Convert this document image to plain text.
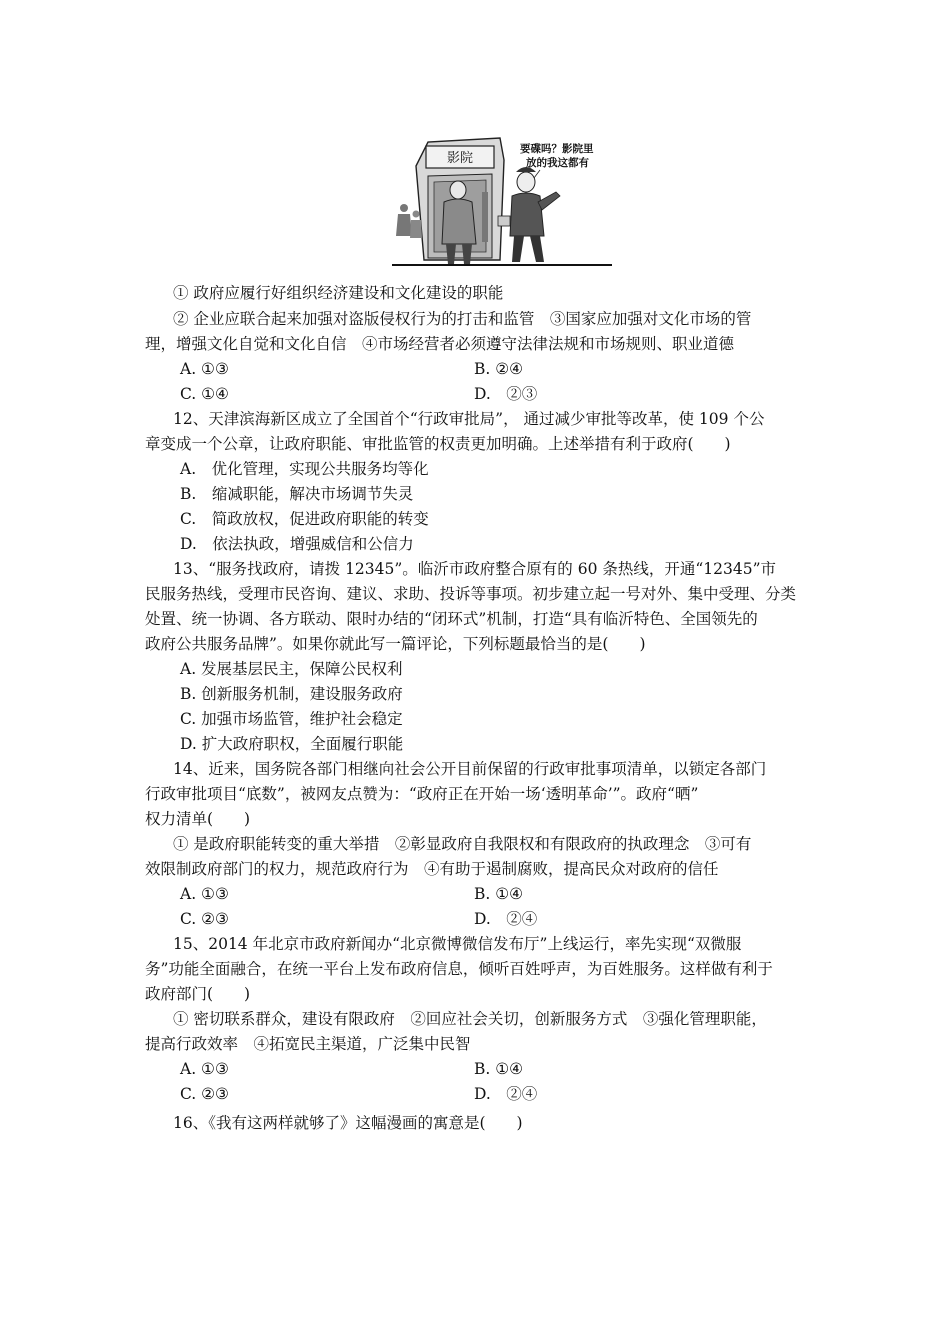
影院
要碟吗？影院里
放的我这都有
① 政府应履行好组织经济建设和文化建设的职能
② 企业应联合起来加强对盗版侵权行为的打击和监管　③国家应加强对文化市场的管
理，增强文化自觉和文化自信　④市场经营者必须遵守法律法规和市场规则、职业道德
A. ①③	B. ②④
C. ①④	D.　②③
12、天津滨海新区成立了全国首个“行政审批局”， 通过减少审批等改革，使 109 个公
章变成一个公章，让政府职能、审批监管的权责更加明确。上述举措有利于政府(　　)
A.　优化管理，实现公共服务均等化
B.　缩减职能，解决市场调节失灵
C.　简政放权，促进政府职能的转变
D.　依法执政，增强威信和公信力
13、“服务找政府，请拨 12345”。临沂市政府整合原有的 60 条热线，开通“12345”市
民服务热线，受理市民咨询、建议、求助、投诉等事项。初步建立起一号对外、集中受理、分类
处置、统一协调、各方联动、限时办结的“闭环式”机制，打造“具有临沂特色、全国领先的
政府公共服务品牌”。如果你就此写一篇评论，下列标题最恰当的是(　　)
A. 发展基层民主，保障公民权利
B. 创新服务机制，建设服务政府
C. 加强市场监管，维护社会稳定
D. 扩大政府职权，全面履行职能
14、近来，国务院各部门相继向社会公开目前保留的行政审批事项清单，以锁定各部门
行政审批项目“底数”，被网友点赞为：“政府正在开始一场‘透明革命’”。政府“晒”
权力清单(　　)
① 是政府职能转变的重大举措　②彰显政府自我限权和有限政府的执政理念　③可有
效限制政府部门的权力，规范政府行为　④有助于遏制腐败，提高民众对政府的信任
A. ①③	B. ①④
C. ②③	D.　②④
15、2014 年北京市政府新闻办“北京微博微信发布厅”上线运行，率先实现“双微服
务”功能全面融合，在统一平台上发布政府信息，倾听百姓呼声，为百姓服务。这样做有利于
政府部门(　　)
① 密切联系群众，建设有限政府　②回应社会关切，创新服务方式　③强化管理职能，
提高行政效率　④拓宽民主渠道，广泛集中民智
A. ①③	B. ①④
C. ②③	D.　②④
16、《我有这两样就够了》这幅漫画的寓意是(　　)
